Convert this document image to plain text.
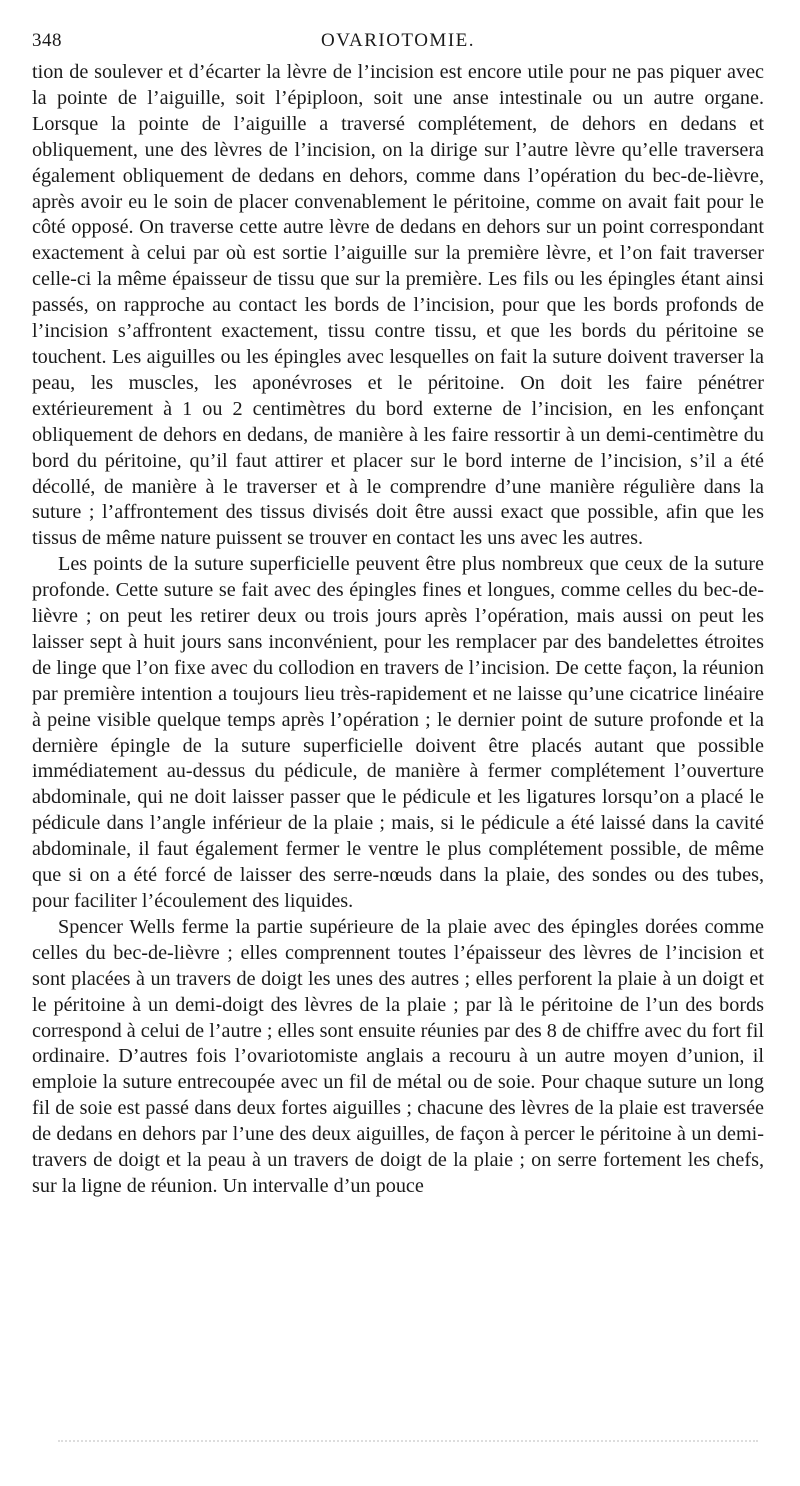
348	OVARIOTOMIE.

tion de soulever et d’écarter la lèvre de l’incision est encore utile pour ne pas piquer avec la pointe de l’aiguille, soit l’épiploon, soit une anse intestinale ou un autre organe. Lorsque la pointe de l’aiguille a traversé complétement, de dehors en dedans et obliquement, une des lèvres de l’incision, on la dirige sur l’autre lèvre qu’elle traversera également obliquement de dedans en dehors, comme dans l’opération du bec-de-lièvre, après avoir eu le soin de placer convenablement le péritoine, comme on avait fait pour le côté opposé. On traverse cette autre lèvre de dedans en dehors sur un point correspondant exactement à celui par où est sortie l’aiguille sur la première lèvre, et l’on fait traverser celle-ci la même épaisseur de tissu que sur la première. Les fils ou les épingles étant ainsi passés, on rapproche au contact les bords de l’incision, pour que les bords profonds de l’incision s’affrontent exactement, tissu contre tissu, et que les bords du péritoine se touchent. Les aiguilles ou les épingles avec lesquelles on fait la suture doivent traverser la peau, les muscles, les aponévroses et le péritoine. On doit les faire pénétrer extérieurement à 1 ou 2 centimètres du bord externe de l’incision, en les enfonçant obliquement de dehors en dedans, de manière à les faire ressortir à un demi-centimètre du bord du péritoine, qu’il faut attirer et placer sur le bord interne de l’incision, s’il a été décollé, de manière à le traverser et à le comprendre d’une manière régulière dans la suture ; l’affrontement des tissus divisés doit être aussi exact que possible, afin que les tissus de même nature puissent se trouver en contact les uns avec les autres.

Les points de la suture superficielle peuvent être plus nombreux que ceux de la suture profonde. Cette suture se fait avec des épingles fines et longues, comme celles du bec-de-lièvre ; on peut les retirer deux ou trois jours après l’opération, mais aussi on peut les laisser sept à huit jours sans inconvénient, pour les remplacer par des bandelettes étroites de linge que l’on fixe avec du collodion en travers de l’incision. De cette façon, la réunion par première intention a toujours lieu très-rapidement et ne laisse qu’une cicatrice linéaire à peine visible quelque temps après l’opération ; le dernier point de suture profonde et la dernière épingle de la suture superficielle doivent être placés autant que possible immédiatement au-dessus du pédicule, de manière à fermer complétement l’ouverture abdominale, qui ne doit laisser passer que le pédicule et les ligatures lorsqu’on a placé le pédicule dans l’angle inférieur de la plaie ; mais, si le pédicule a été laissé dans la cavité abdominale, il faut également fermer le ventre le plus complétement possible, de même que si on a été forcé de laisser des serre-nœuds dans la plaie, des sondes ou des tubes, pour faciliter l’écoulement des liquides.

Spencer Wells ferme la partie supérieure de la plaie avec des épingles dorées comme celles du bec-de-lièvre ; elles comprennent toutes l’épaisseur des lèvres de l’incision et sont placées à un travers de doigt les unes des autres ; elles perforent la plaie à un doigt et le péritoine à un demi-doigt des lèvres de la plaie ; par là le péritoine de l’un des bords correspond à celui de l’autre ; elles sont ensuite réunies par des 8 de chiffre avec du fort fil ordinaire. D’autres fois l’ovariotomiste anglais a recouru à un autre moyen d’union, il emploie la suture entrecoupée avec un fil de métal ou de soie. Pour chaque suture un long fil de soie est passé dans deux fortes aiguilles ; chacune des lèvres de la plaie est traversée de dedans en dehors par l’une des deux aiguilles, de façon à percer le péritoine à un demi-travers de doigt et la peau à un travers de doigt de la plaie ; on serre fortement les chefs, sur la ligne de réunion. Un intervalle d’un pouce
